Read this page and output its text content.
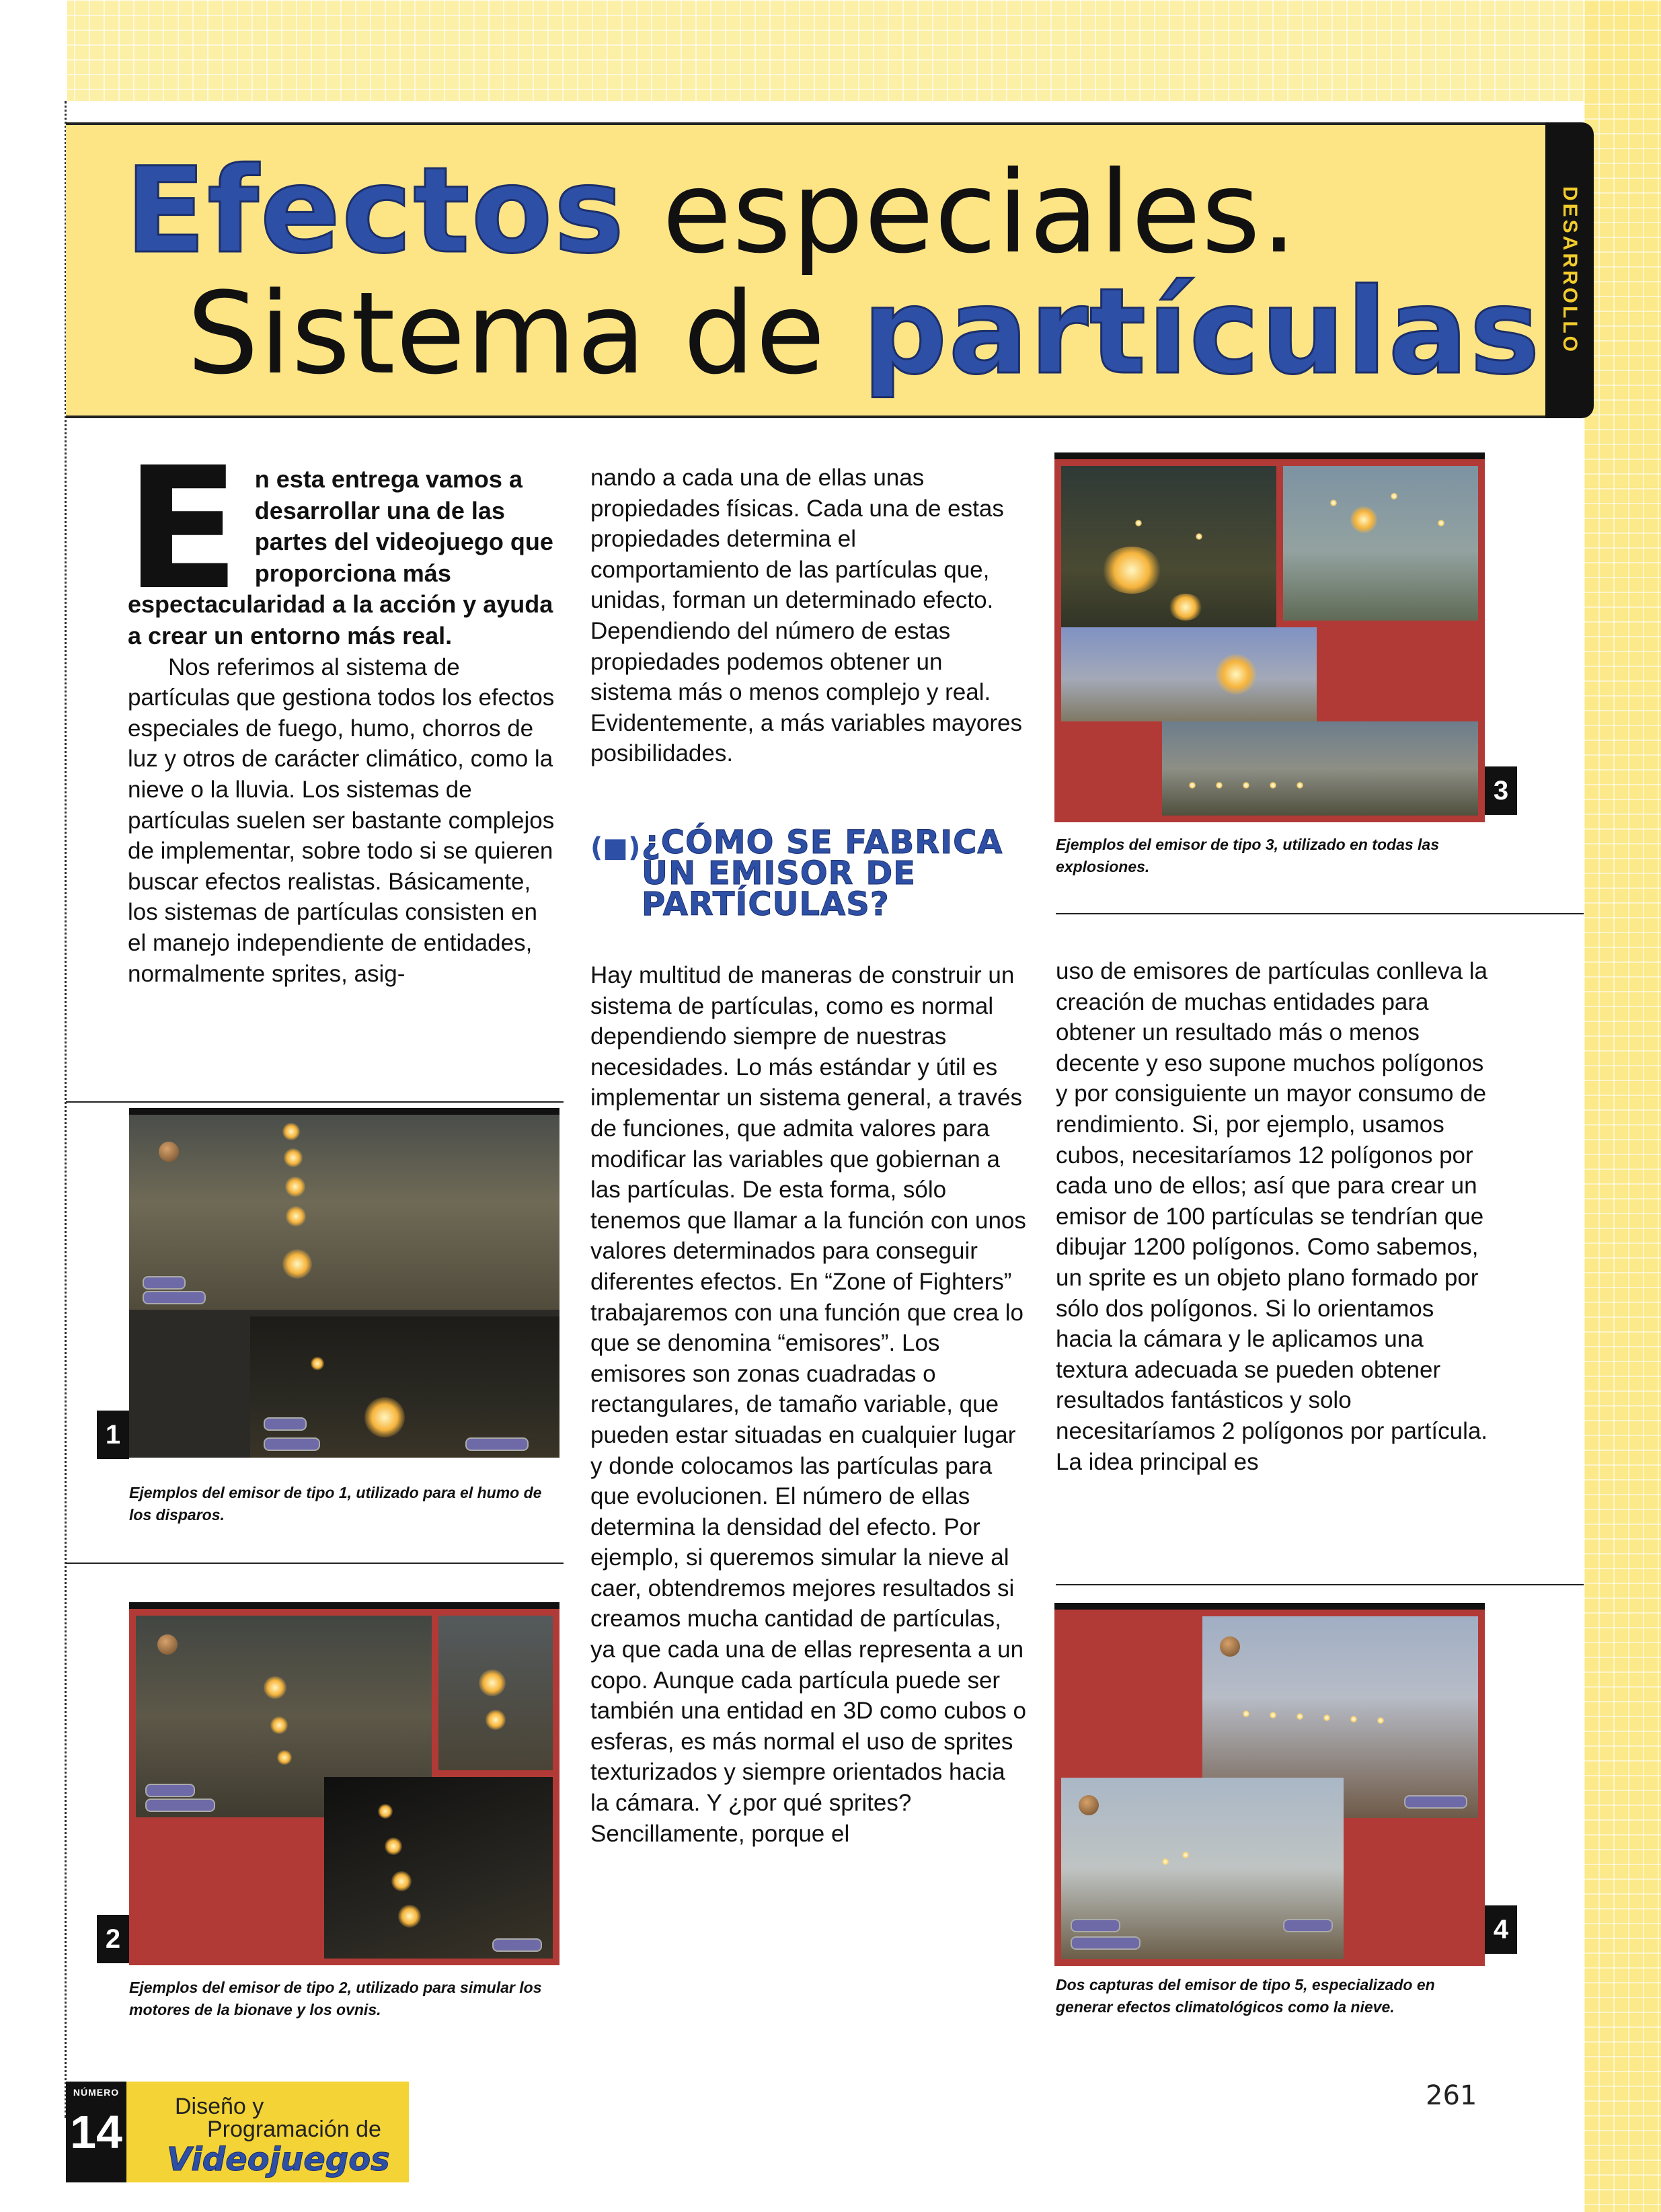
Efectos especiales.
Sistema de partículas DESARROLLO

E n esta entrega vamos a desarrollar una de las partes del videojuego que proporciona más espectacularidad a la acción y ayuda a crear un entorno más real.

Nos referimos al sistema de partículas que gestiona todos los efectos especiales de fuego, humo, chorros de luz y otros de carácter climático, como la nieve o la lluvia. Los sistemas de partículas suelen ser bastante complejos de implementar, sobre todo si se quieren buscar efectos realistas. Básicamente, los sistemas de partículas consisten en el manejo independiente de entidades, normalmente sprites, asig-

nando a cada una de ellas unas propiedades físicas. Cada una de estas propiedades determina el comportamiento de las partículas que, unidas, forman un determinado efecto. Dependiendo del número de estas propiedades podemos obtener un sistema más o menos complejo y real. Evidentemente, a más variables mayores posibilidades.

(■) ¿CÓMO SE FABRICA UN EMISOR DE PARTÍCULAS?

Hay multitud de maneras de construir un sistema de partículas, como es normal dependiendo siempre de nuestras necesidades. Lo más estándar y útil es implementar un sistema general, a través de funciones, que admita valores para modificar las variables que gobiernan a las partículas. De esta forma, sólo tenemos que llamar a la función con unos valores determinados para conseguir diferentes efectos. En “Zone of Fighters” trabajaremos con una función que crea lo que se denomina “emisores”. Los emisores son zonas cuadradas o rectangulares, de tamaño variable, que pueden estar situadas en cualquier lugar y donde colocamos las partículas para que evolucionen. El número de ellas determina la densidad del efecto. Por ejemplo, si queremos simular la nieve al caer, obtendremos mejores resultados si creamos mucha cantidad de partículas, ya que cada una de ellas representa a un copo. Aunque cada partícula puede ser también una entidad en 3D como cubos o esferas, es más normal el uso de sprites texturizados y siempre orientados hacia la cámara. Y ¿por qué sprites? Sencillamente, porque el

uso de emisores de partículas conlleva la creación de muchas entidades para obtener un resultado más o menos decente y eso supone muchos polígonos y por consiguiente un mayor consumo de rendimiento. Si, por ejemplo, usamos cubos, necesitaríamos 12 polígonos por cada uno de ellos; así que para crear un emisor de 100 partículas se tendrían que dibujar 1200 polígonos. Como sabemos, un sprite es un objeto plano formado por sólo dos polígonos. Si lo orientamos hacia la cámara y le aplicamos una textura adecuada se pueden obtener resultados fantásticos y solo necesitaríamos 2 polígonos por partícula. La idea principal es

1
Ejemplos del emisor de tipo 1, utilizado para el humo de los disparos.
2
Ejemplos del emisor de tipo 2, utilizado para simular los motores de la bionave y los ovnis.
3
Ejemplos del emisor de tipo 3, utilizado en todas las explosiones.
4
Dos capturas del emisor de tipo 5, especializado en generar efectos climatológicos como la nieve.
NÚMERO
14 Diseño y
Programación de
Videojuegos
261
